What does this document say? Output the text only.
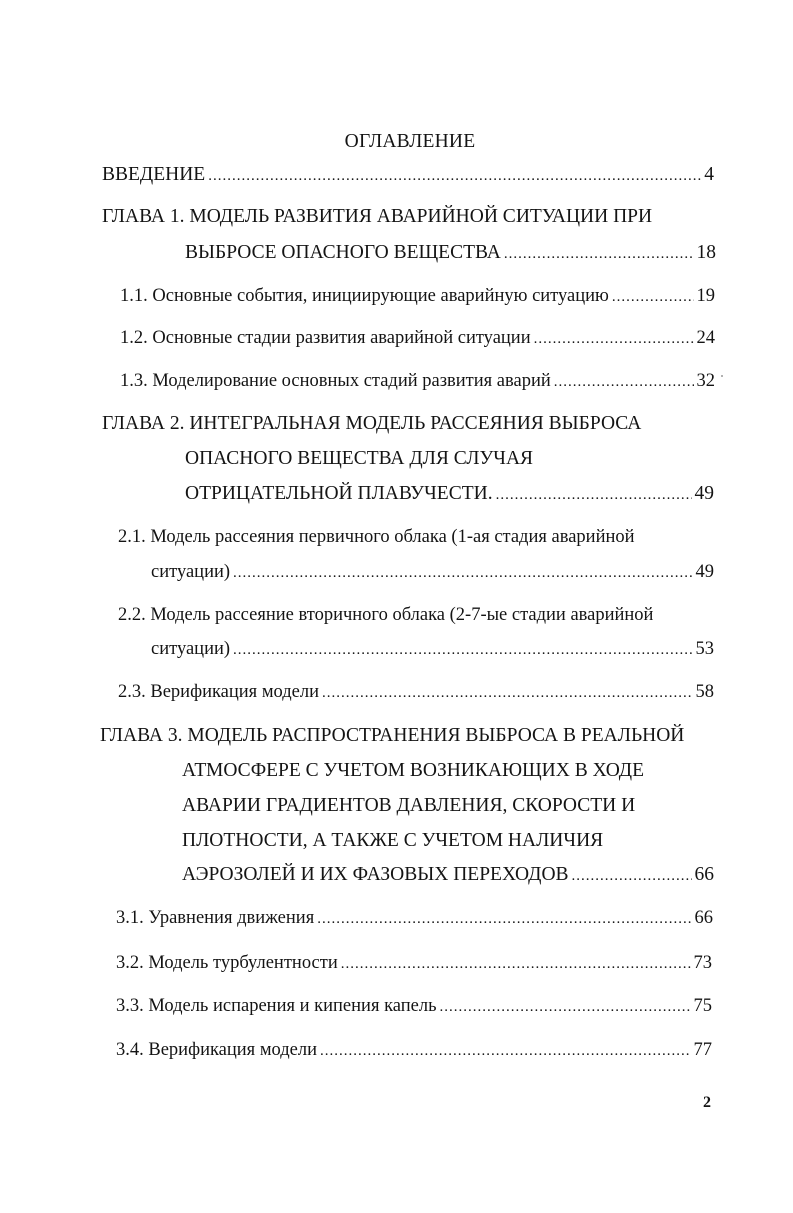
ОГЛАВЛЕНИЕ
ВВЕДЕНИЕ .....	4
ГЛАВА 1. МОДЕЛЬ РАЗВИТИЯ АВАРИЙНОЙ СИТУАЦИИ ПРИ
ВЫБРОСЕ ОПАСНОГО ВЕЩЕСТВА .....	18
1.1. Основные события, инициирующие аварийную ситуацию .....	19
1.2. Основные стадии развития аварийной ситуации .....	24
1.3. Моделирование основных стадий развития аварий .....	32
ГЛАВА 2. ИНТЕГРАЛЬНАЯ МОДЕЛЬ РАССЕЯНИЯ ВЫБРОСА
ОПАСНОГО ВЕЩЕСТВА ДЛЯ СЛУЧАЯ
ОТРИЦАТЕЛЬНОЙ ПЛАВУЧЕСТИ. .....	49
2.1. Модель рассеяния первичного облака (1-ая стадия аварийной
ситуации) .....	49
2.2. Модель рассеяние вторичного облака (2-7-ые стадии аварийной
ситуации) .....	53
2.3. Верификация модели .....	58
ГЛАВА 3. МОДЕЛЬ РАСПРОСТРАНЕНИЯ ВЫБРОСА В РЕАЛЬНОЙ
АТМОСФЕРЕ С УЧЕТОМ ВОЗНИКАЮЩИХ В ХОДЕ
АВАРИИ ГРАДИЕНТОВ ДАВЛЕНИЯ, СКОРОСТИ И
ПЛОТНОСТИ, А ТАКЖЕ С УЧЕТОМ НАЛИЧИЯ
АЭРОЗОЛЕЙ И ИХ ФАЗОВЫХ ПЕРЕХОДОВ .....	66
3.1. Уравнения движения .....	66
3.2. Модель турбулентности .....	73
3.3. Модель испарения и кипения капель .....	75
3.4. Верификация модели .....	77
2
